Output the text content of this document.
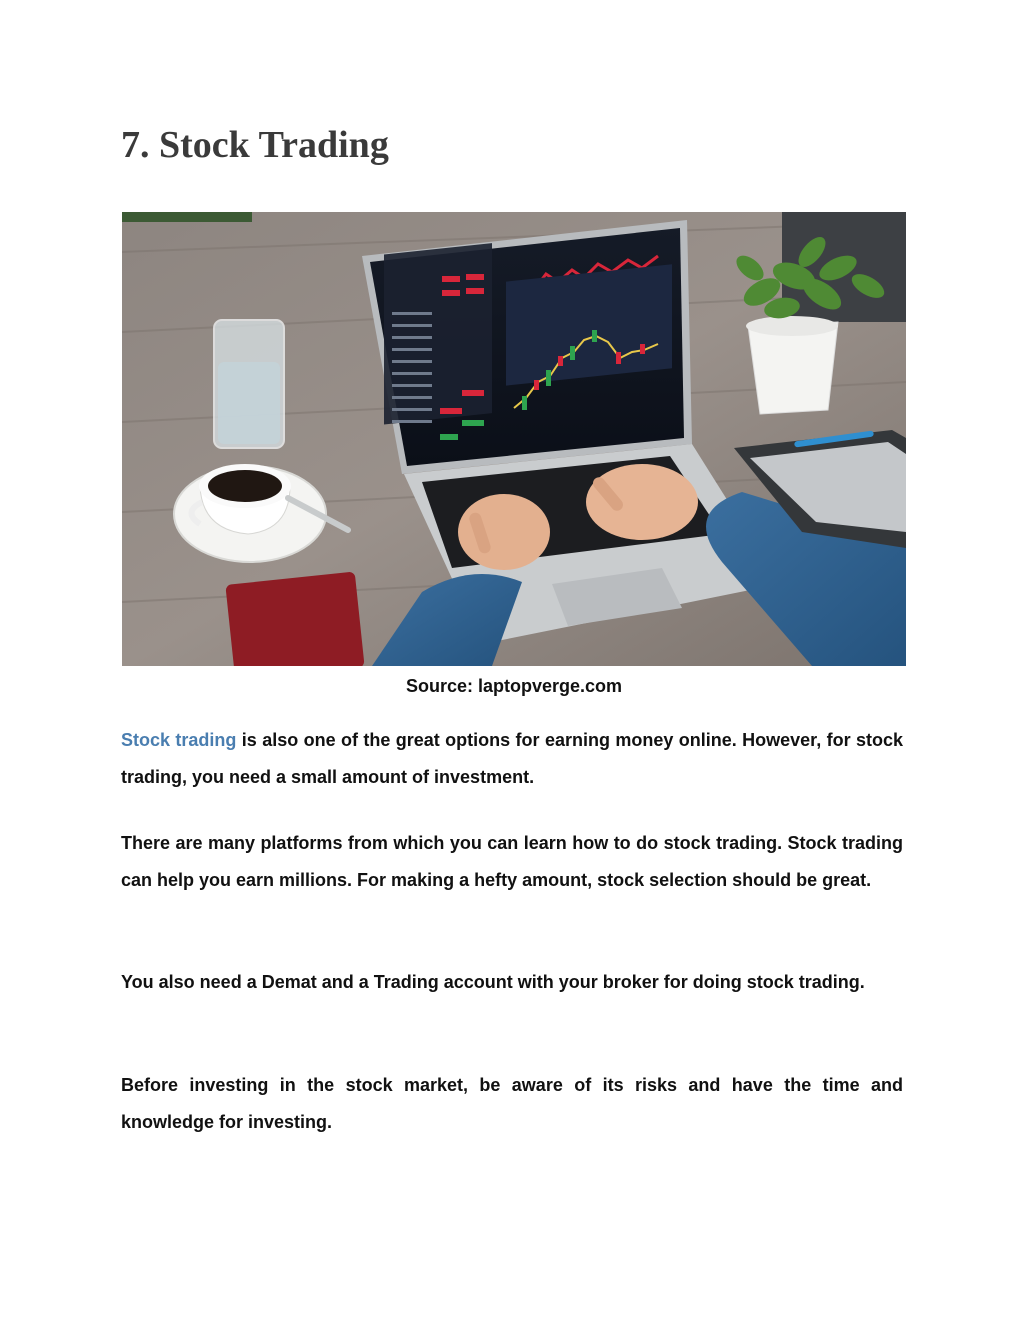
7. Stock Trading
Source: laptopverge.com

Stock trading is also one of the great options for earning money online. However, for stock trading, you need a small amount of investment.

There are many platforms from which you can learn how to do stock trading. Stock trading can help you earn millions. For making a hefty amount, stock selection should be great.

You also need a Demat and a Trading account with your broker for doing stock trading.

Before investing in the stock market, be aware of its risks and have the time and knowledge for investing.
